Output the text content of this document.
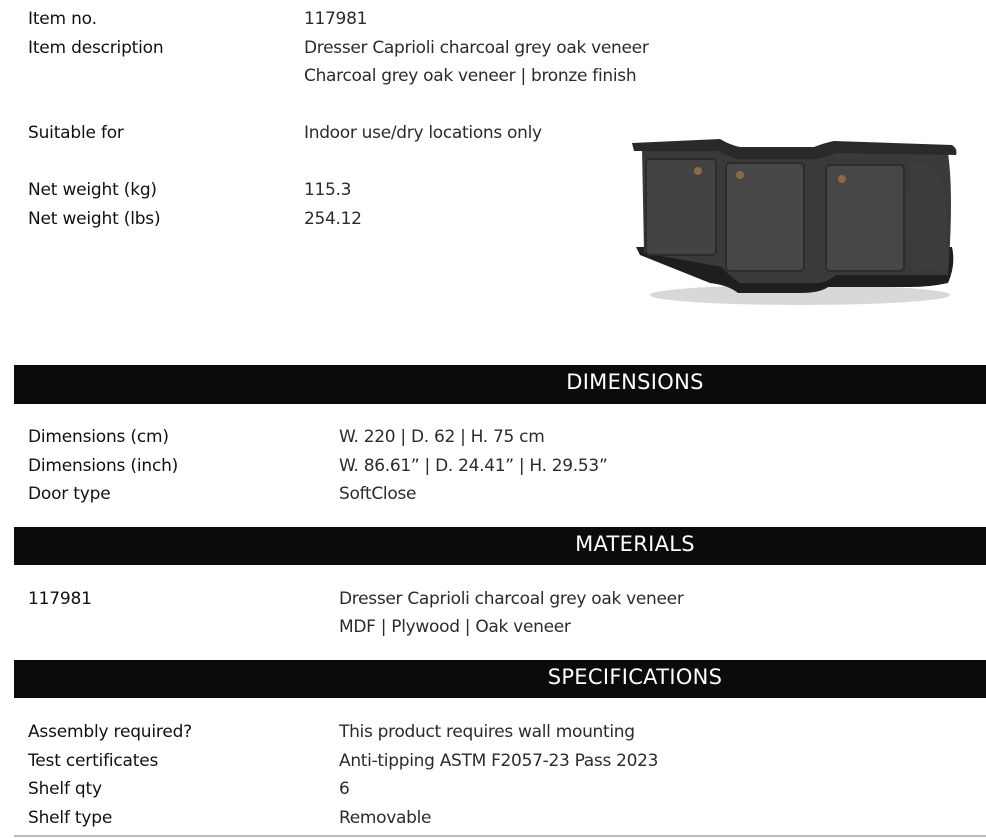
Item no.	117981
Item description	Dresser Caprioli charcoal grey oak veneer
Charcoal grey oak veneer | bronze finish
Suitable for	Indoor use/dry locations only
Net weight (kg)	115.3
Net weight (lbs)	254.12
DIMENSIONS
Dimensions (cm)	W. 220 | D. 62 | H. 75 cm
Dimensions (inch)	W. 86.61” | D. 24.41” | H. 29.53”
Door type	SoftClose
MATERIALS
117981	Dresser Caprioli charcoal grey oak veneer
MDF | Plywood | Oak veneer
SPECIFICATIONS
Assembly required?	This product requires wall mounting
Test certificates	Anti-tipping ASTM F2057-23 Pass 2023
Shelf qty	6
Shelf type	Removable
